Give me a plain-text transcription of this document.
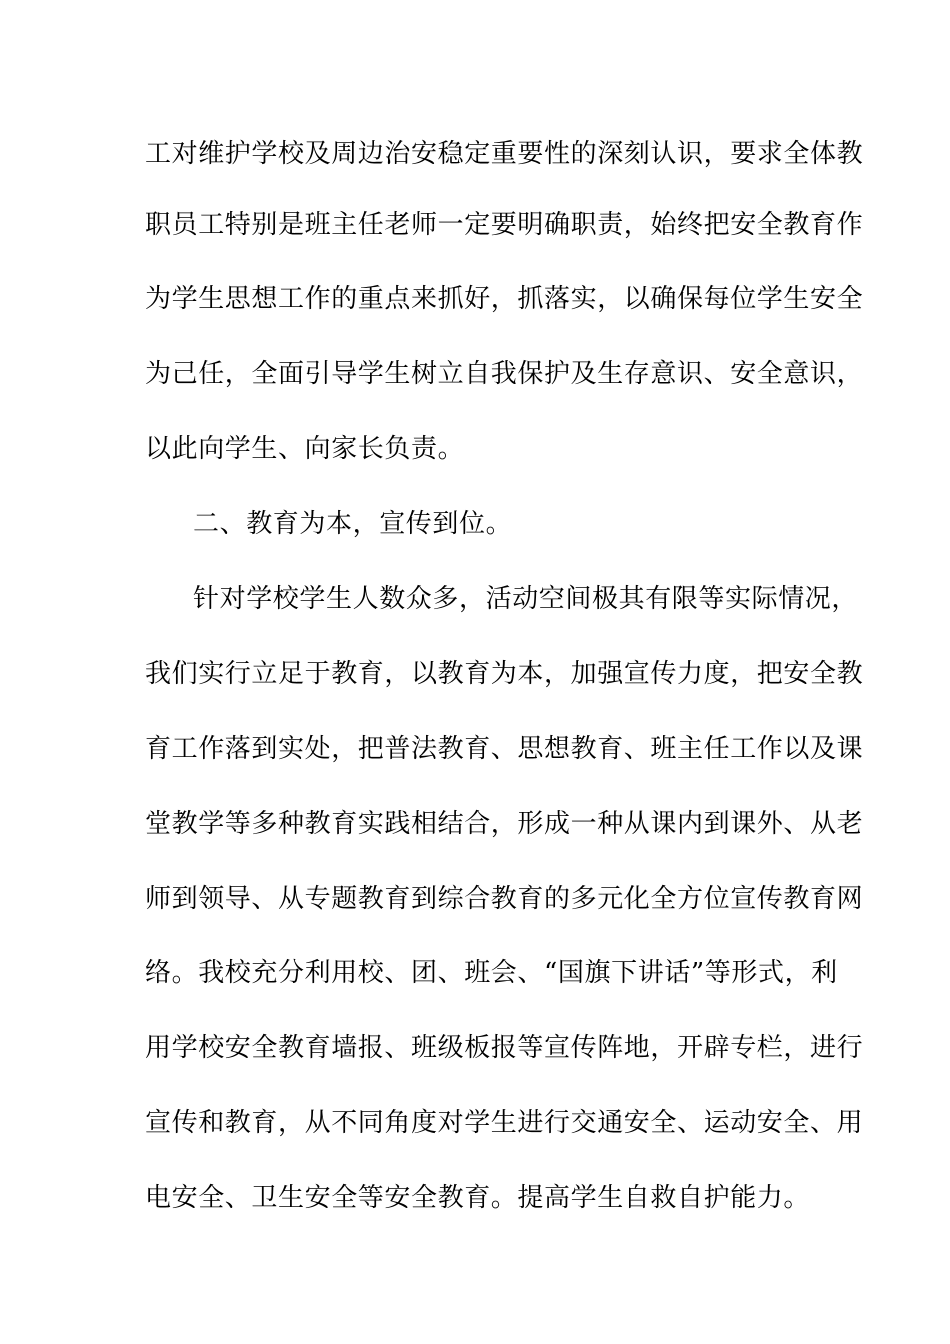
工对维护学校及周边治安稳定重要性的深刻认识，要求全体教
职员工特别是班主任老师一定要明确职责，始终把安全教育作
为学生思想工作的重点来抓好，抓落实，以确保每位学生安全
为己任，全面引导学生树立自我保护及生存意识、安全意识，
以此向学生、向家长负责。
二、教育为本，宣传到位。
针对学校学生人数众多，活动空间极其有限等实际情况，
我们实行立足于教育，以教育为本，加强宣传力度，把安全教
育工作落到实处，把普法教育、思想教育、班主任工作以及课
堂教学等多种教育实践相结合，形成一种从课内到课外、从老
师到领导、从专题教育到综合教育的多元化全方位宣传教育网
络。我校充分利用校、团、班会、“国旗下讲话”等形式，利
用学校安全教育墙报、班级板报等宣传阵地，开辟专栏，进行
宣传和教育，从不同角度对学生进行交通安全、运动安全、用
电安全、卫生安全等安全教育。提高学生自救自护能力。
